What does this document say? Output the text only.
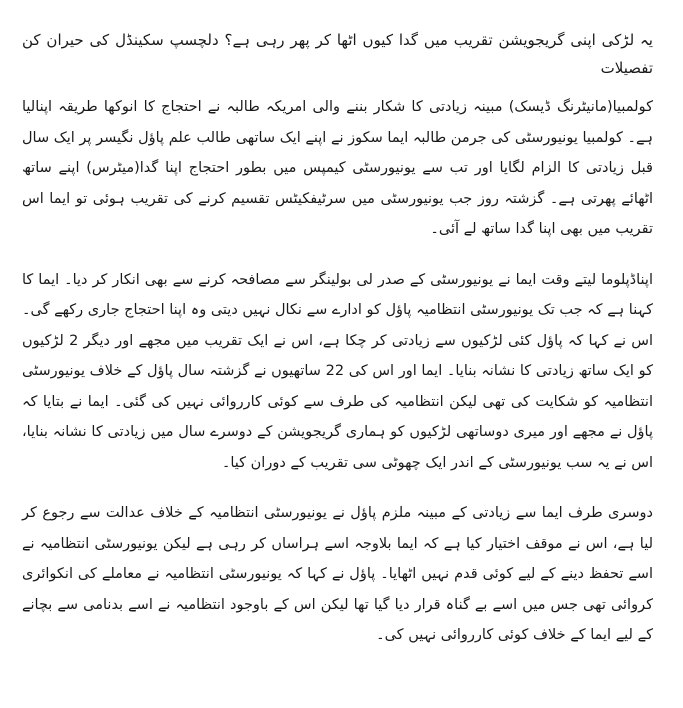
یہ لڑکی اپنی گریجویشن تقریب میں گدا کیوں اٹھا کر پھر رہی ہے؟ دلچسپ سکینڈل کی حیران کن تفصیلات

کولمبیا(مانیٹرنگ ڈیسک) مبینہ زیادتی کا شکار بننے والی امریکہ طالبہ نے احتجاج کا انوکھا طریقہ اپنالیا ہے۔ کولمبیا یونیورسٹی کی جرمن طالبہ ایما سکوز نے اپنے ایک ساتھی طالب علم پاؤل نگیسر پر ایک سال قبل زیادتی کا الزام لگایا اور تب سے یونیورسٹی کیمپس میں بطور احتجاج اپنا گدا(میٹرس) اپنے ساتھ اٹھائے پھرتی ہے۔ گزشتہ روز جب یونیورسٹی میں سرٹیفکیٹس تقسیم کرنے کی تقریب ہوئی تو ایما اس تقریب میں بھی اپنا گدا ساتھ لے آئی۔

اپناڈپلوما لیتے وقت ایما نے یونیورسٹی کے صدر لی بولینگر سے مصافحہ کرنے سے بھی انکار کر دیا۔ ایما کا کہنا ہے کہ جب تک یونیورسٹی انتظامیہ پاؤل کو ادارے سے نکال نہیں دیتی وہ اپنا احتجاج جاری رکھے گی۔ اس نے کہا کہ پاؤل کئی لڑکیوں سے زیادتی کر چکا ہے، اس نے ایک تقریب میں مجھے اور دیگر 2 لڑکیوں کو ایک ساتھ زیادتی کا نشانہ بنایا۔ ایما اور اس کی 22 ساتھیوں نے گزشتہ سال پاؤل کے خلاف یونیورسٹی انتظامیہ کو شکایت کی تھی لیکن انتظامیہ کی طرف سے کوئی کارروائی نہیں کی گئی۔ ایما نے بتایا کہ پاؤل نے مجھے اور میری دوساتھی لڑکیوں کو ہماری گریجویشن کے دوسرے سال میں زیادتی کا نشانہ بنایا، اس نے یہ سب یونیورسٹی کے اندر ایک چھوٹی سی تقریب کے دوران کیا۔

دوسری طرف ایما سے زیادتی کے مبینہ ملزم پاؤل نے یونیورسٹی انتظامیہ کے خلاف عدالت سے رجوع کر لیا ہے، اس نے موقف اختیار کیا ہے کہ ایما بلاوجہ اسے ہراساں کر رہی ہے لیکن یونیورسٹی انتظامیہ نے اسے تحفظ دینے کے لیے کوئی قدم نہیں اٹھایا۔ پاؤل نے کہا کہ یونیورسٹی انتظامیہ نے معاملے کی انکوائری کروائی تھی جس میں اسے بے گناہ قرار دیا گیا تھا لیکن اس کے باوجود انتظامیہ نے اسے بدنامی سے بچانے کے لیے ایما کے خلاف کوئی کارروائی نہیں کی۔
